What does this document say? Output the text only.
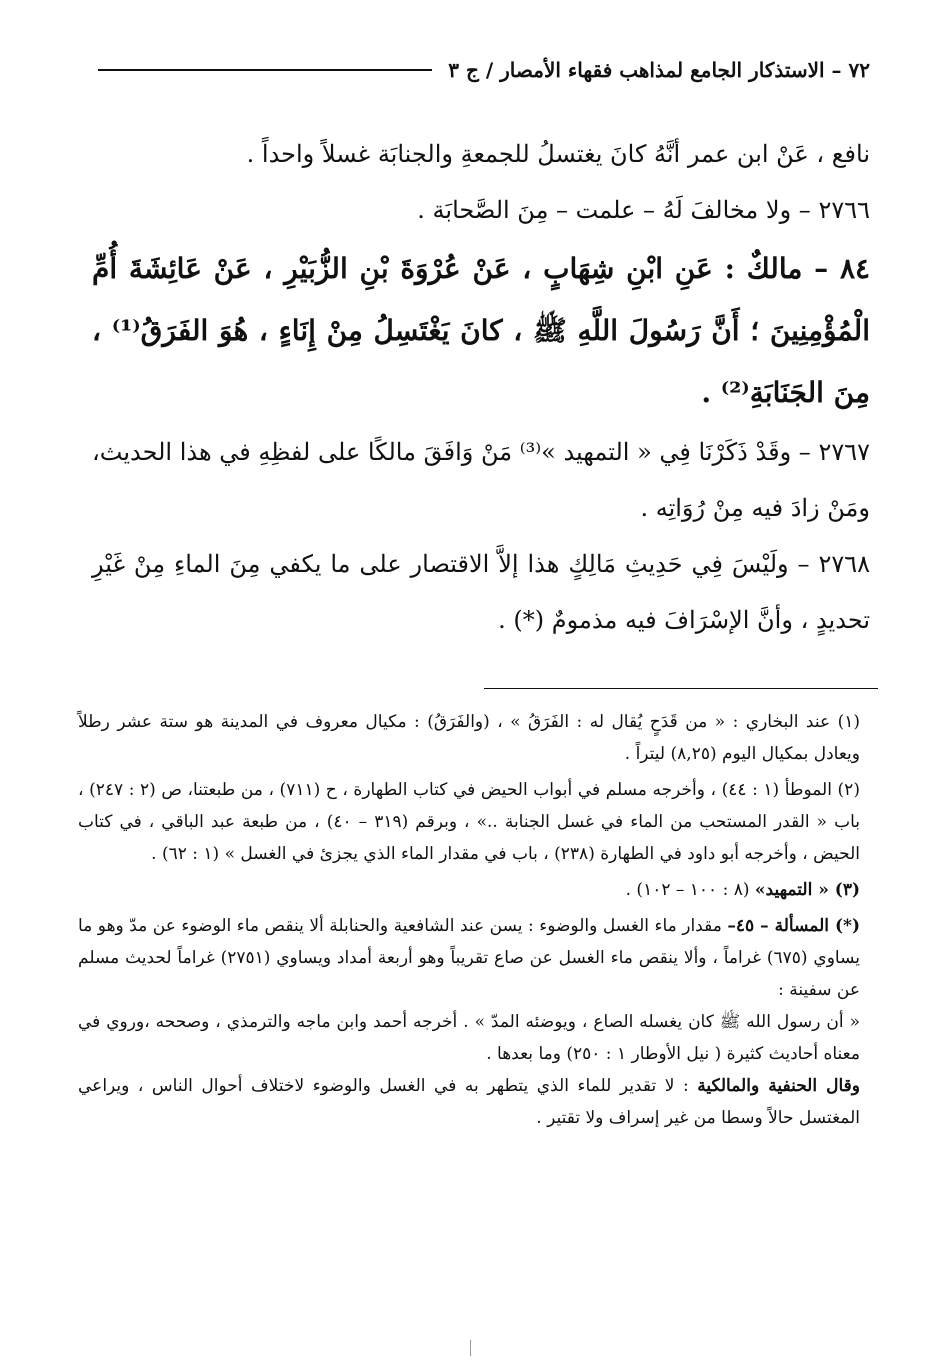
٧٢ – الاستذكار الجامع لمذاهب فقهاء الأمصار / ج ٣

نافع ، عَنْ ابن عمر أنَّهُ كانَ يغتسلُ للجمعةِ والجنابَة غسلاً واحداً .

٢٧٦٦ – ولا مخالفَ لَهُ – علمت – مِنَ الصَّحابَة .

٨٤ – مالكٌ : عَنِ ابْنِ شِهَابٍ ، عَنْ عُرْوَةَ بْنِ الزُّبَيْرِ ، عَنْ عَائِشَةَ أُمِّ الْمُؤْمِنِينَ ؛ أَنَّ رَسُولَ اللَّهِ ﷺ ، كانَ يَغْتَسِلُ مِنْ إِنَاءٍ ، هُوَ الفَرَقُ⁽¹⁾ ، مِنَ الجَنَابَةِ⁽²⁾ .

٢٧٦٧ – وقَدْ ذَكَرْنَا فِي « التمهيد »⁽³⁾ مَنْ وَافَقَ مالكًا على لفظِهِ في هذا الحديث، ومَنْ زادَ فيه مِنْ رُوَاتِه .

٢٧٦٨ – ولَيْسَ فِي حَدِيثِ مَالِكٍ هذا إلاَّ الاقتصار على ما يكفي مِنَ الماءِ مِنْ غَيْرِ تحديدٍ ، وأنَّ الإسْرَافَ فيه مذمومٌ (*) .

(١) عند البخاري : « من قَدَحٍ يُقال له : الفَرَقُ » ، (والفَرَقُ) : مكيال معروف في المدينة هو ستة عشر رطلاً ويعادل بمكيال اليوم (٨,٢٥) ليتراً .

(٢) الموطأ (١ : ٤٤) ، وأخرجه مسلم في أبواب الحيض في كتاب الطهارة ، ح (٧١١) ، من طبعتنا، ص (٢ : ٢٤٧) ، باب « القدر المستحب من الماء في غسل الجنابة ..» ، وبرقم (٣١٩ – ٤٠) ، من طبعة عبد الباقي ، في كتاب الحيض ، وأخرجه أبو داود في الطهارة (٢٣٨) ، باب في مقدار الماء الذي يجزئ في الغسل » (١ : ٦٢) .

(٣) « التمهيد» (٨ : ١٠٠ – ١٠٢) .

(*) المسألة – ٤٥– مقدار ماء الغسل والوضوء : يسن عند الشافعية والحنابلة ألا ينقص ماء الوضوء عن مدّ وهو ما يساوي (٦٧٥) غراماً ، وألا ينقص ماء الغسل عن صاع تقريباً وهو أربعة أمداد ويساوي (٢٧٥١) غراماً لحديث مسلم عن سفينة :

« أن رسول الله ﷺ كان يغسله الصاع ، ويوضئه المدّ » . أخرجه أحمد وابن ماجه والترمذي ، وصححه ،وروي في معناه أحاديث كثيرة ( نيل الأوطار ١ : ٢٥٠) وما بعدها .

وقال الحنفية والمالكية : لا تقدير للماء الذي يتطهر به في الغسل والوضوء لاختلاف أحوال الناس ، ويراعي المغتسل حالاً وسطا من غير إسراف ولا تقتير .
